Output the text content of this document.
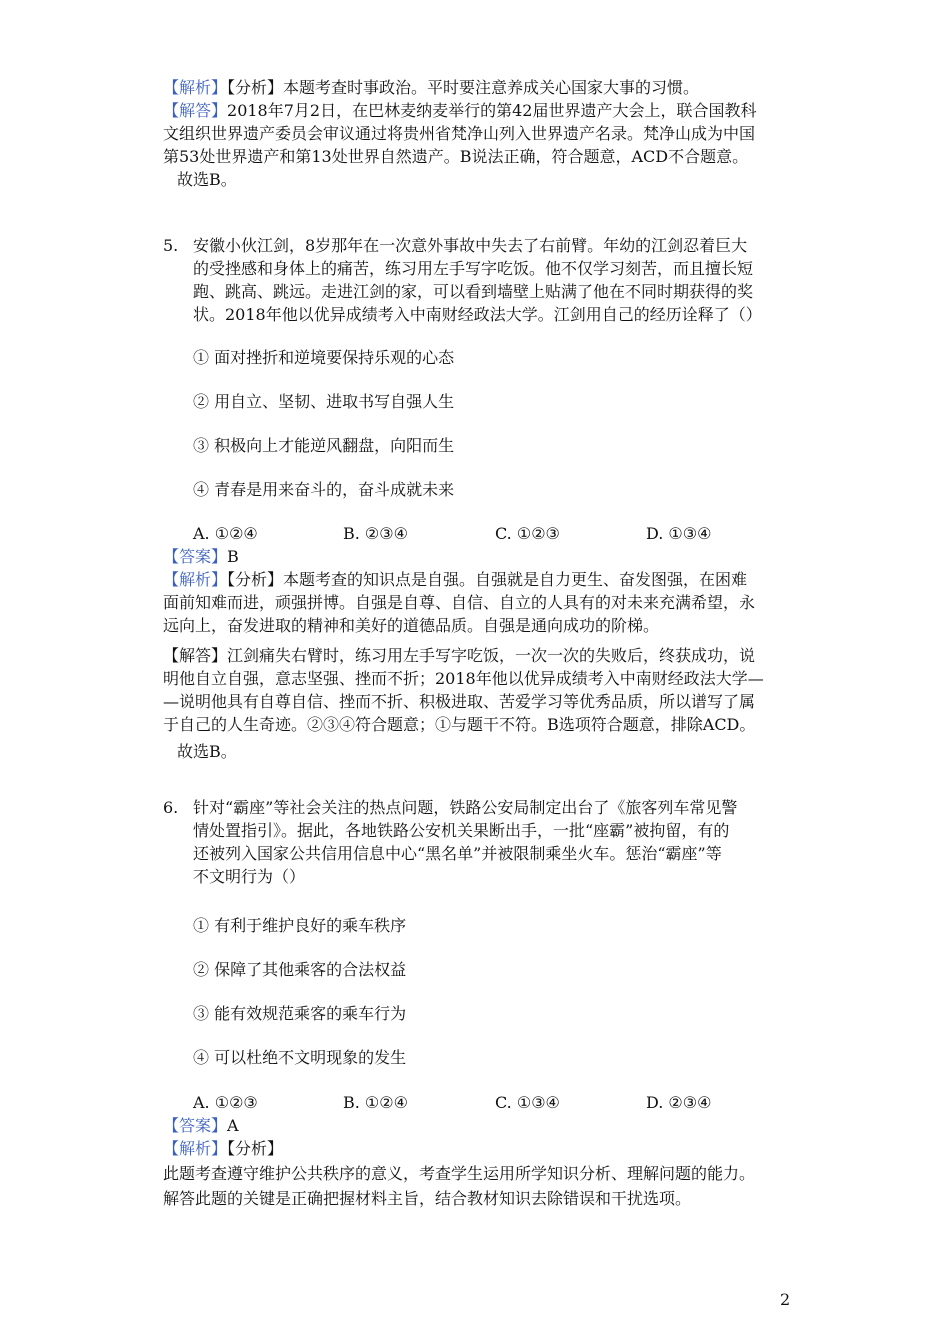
【解析】【分析】本题考查时事政治。平时要注意养成关心国家大事的习惯。
【解答】2018年7月2日，在巴林麦纳麦举行的第42届世界遗产大会上，联合国教科
文组织世界遗产委员会审议通过将贵州省梵净山列入世界遗产名录。梵净山成为中国
第53处世界遗产和第13处世界自然遗产。B说法正确，符合题意，ACD不合题意。
故选B。
5. 安徽小伙江剑，8岁那年在一次意外事故中失去了右前臂。年幼的江剑忍着巨大
的受挫感和身体上的痛苦，练习用左手写字吃饭。他不仅学习刻苦，而且擅长短
跑、跳高、跳远。走进江剑的家，可以看到墙壁上贴满了他在不同时期获得的奖
状。2018年他以优异成绩考入中南财经政法大学。江剑用自己的经历诠释了（）
① 面对挫折和逆境要保持乐观的心态
② 用自立、坚韧、进取书写自强人生
③ 积极向上才能逆风翻盘，向阳而生
④ 青春是用来奋斗的，奋斗成就未来
A. ①②④	B. ②③④	C. ①②③	D. ①③④
【答案】B
【解析】【分析】本题考查的知识点是自强。自强就是自力更生、奋发图强，在困难
面前知难而进，顽强拼博。自强是自尊、自信、自立的人具有的对未来充满希望，永
远向上，奋发进取的精神和美好的道德品质。自强是通向成功的阶梯。
【解答】江剑痛失右臂时，练习用左手写字吃饭，一次一次的失败后，终获成功，说
明他自立自强，意志坚强、挫而不折；2018年他以优异成绩考入中南财经政法大学—
—说明他具有自尊自信、挫而不折、积极进取、苦爱学习等优秀品质，所以谱写了属
于自己的人生奇迹。②③④符合题意；①与题干不符。B选项符合题意，排除ACD。
故选B。
6. 针对“霸座”等社会关注的热点问题，铁路公安局制定出台了《旅客列车常见警
情处置指引》。据此，各地铁路公安机关果断出手，一批“座霸”被拘留，有的
还被列入国家公共信用信息中心“黑名单”并被限制乘坐火车。惩治“霸座”等
不文明行为（）
① 有利于维护良好的乘车秩序
② 保障了其他乘客的合法权益
③ 能有效规范乘客的乘车行为
④ 可以杜绝不文明现象的发生
A. ①②③	B. ①②④	C. ①③④	D. ②③④
【答案】A
【解析】【分析】
此题考查遵守维护公共秩序的意义，考查学生运用所学知识分析、理解问题的能力。
解答此题的关键是正确把握材料主旨，结合教材知识去除错误和干扰选项。
2
